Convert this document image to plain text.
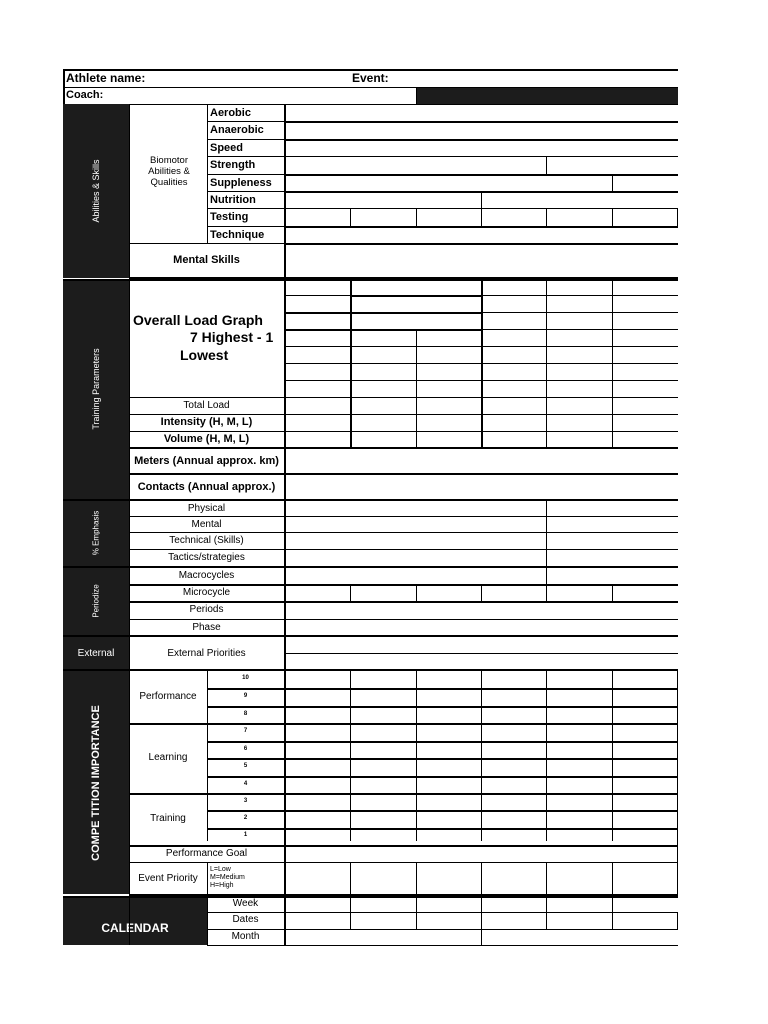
Athlete name:	Event:
Coach:
Abilities & Skills
Training Parameters
% Emphasis
Periodize
External
COMPE TITION IMPORTANCE
CALENDAR
Biomotor Abilities & Qualities
Aerobic
Anaerobic
Speed
Strength
Suppleness
Nutrition
Testing
Technique
Mental Skills
Overall Load Graph
7 Highest - 1
Lowest
Total Load
Intensity (H, M, L)
Volume (H, M, L)
Meters (Annual approx. km)
Contacts (Annual approx.)
Physical
Mental
Technical (Skills)
Tactics/strategies
Macrocycles
Microcycle
Periods
Phase
External Priorities
Performance
Learning
Training
10
9
8
7
6
5
4
3
2
1
Performance Goal
Event Priority
L=Low
M=Medium
H=High
Week
Dates
Month
